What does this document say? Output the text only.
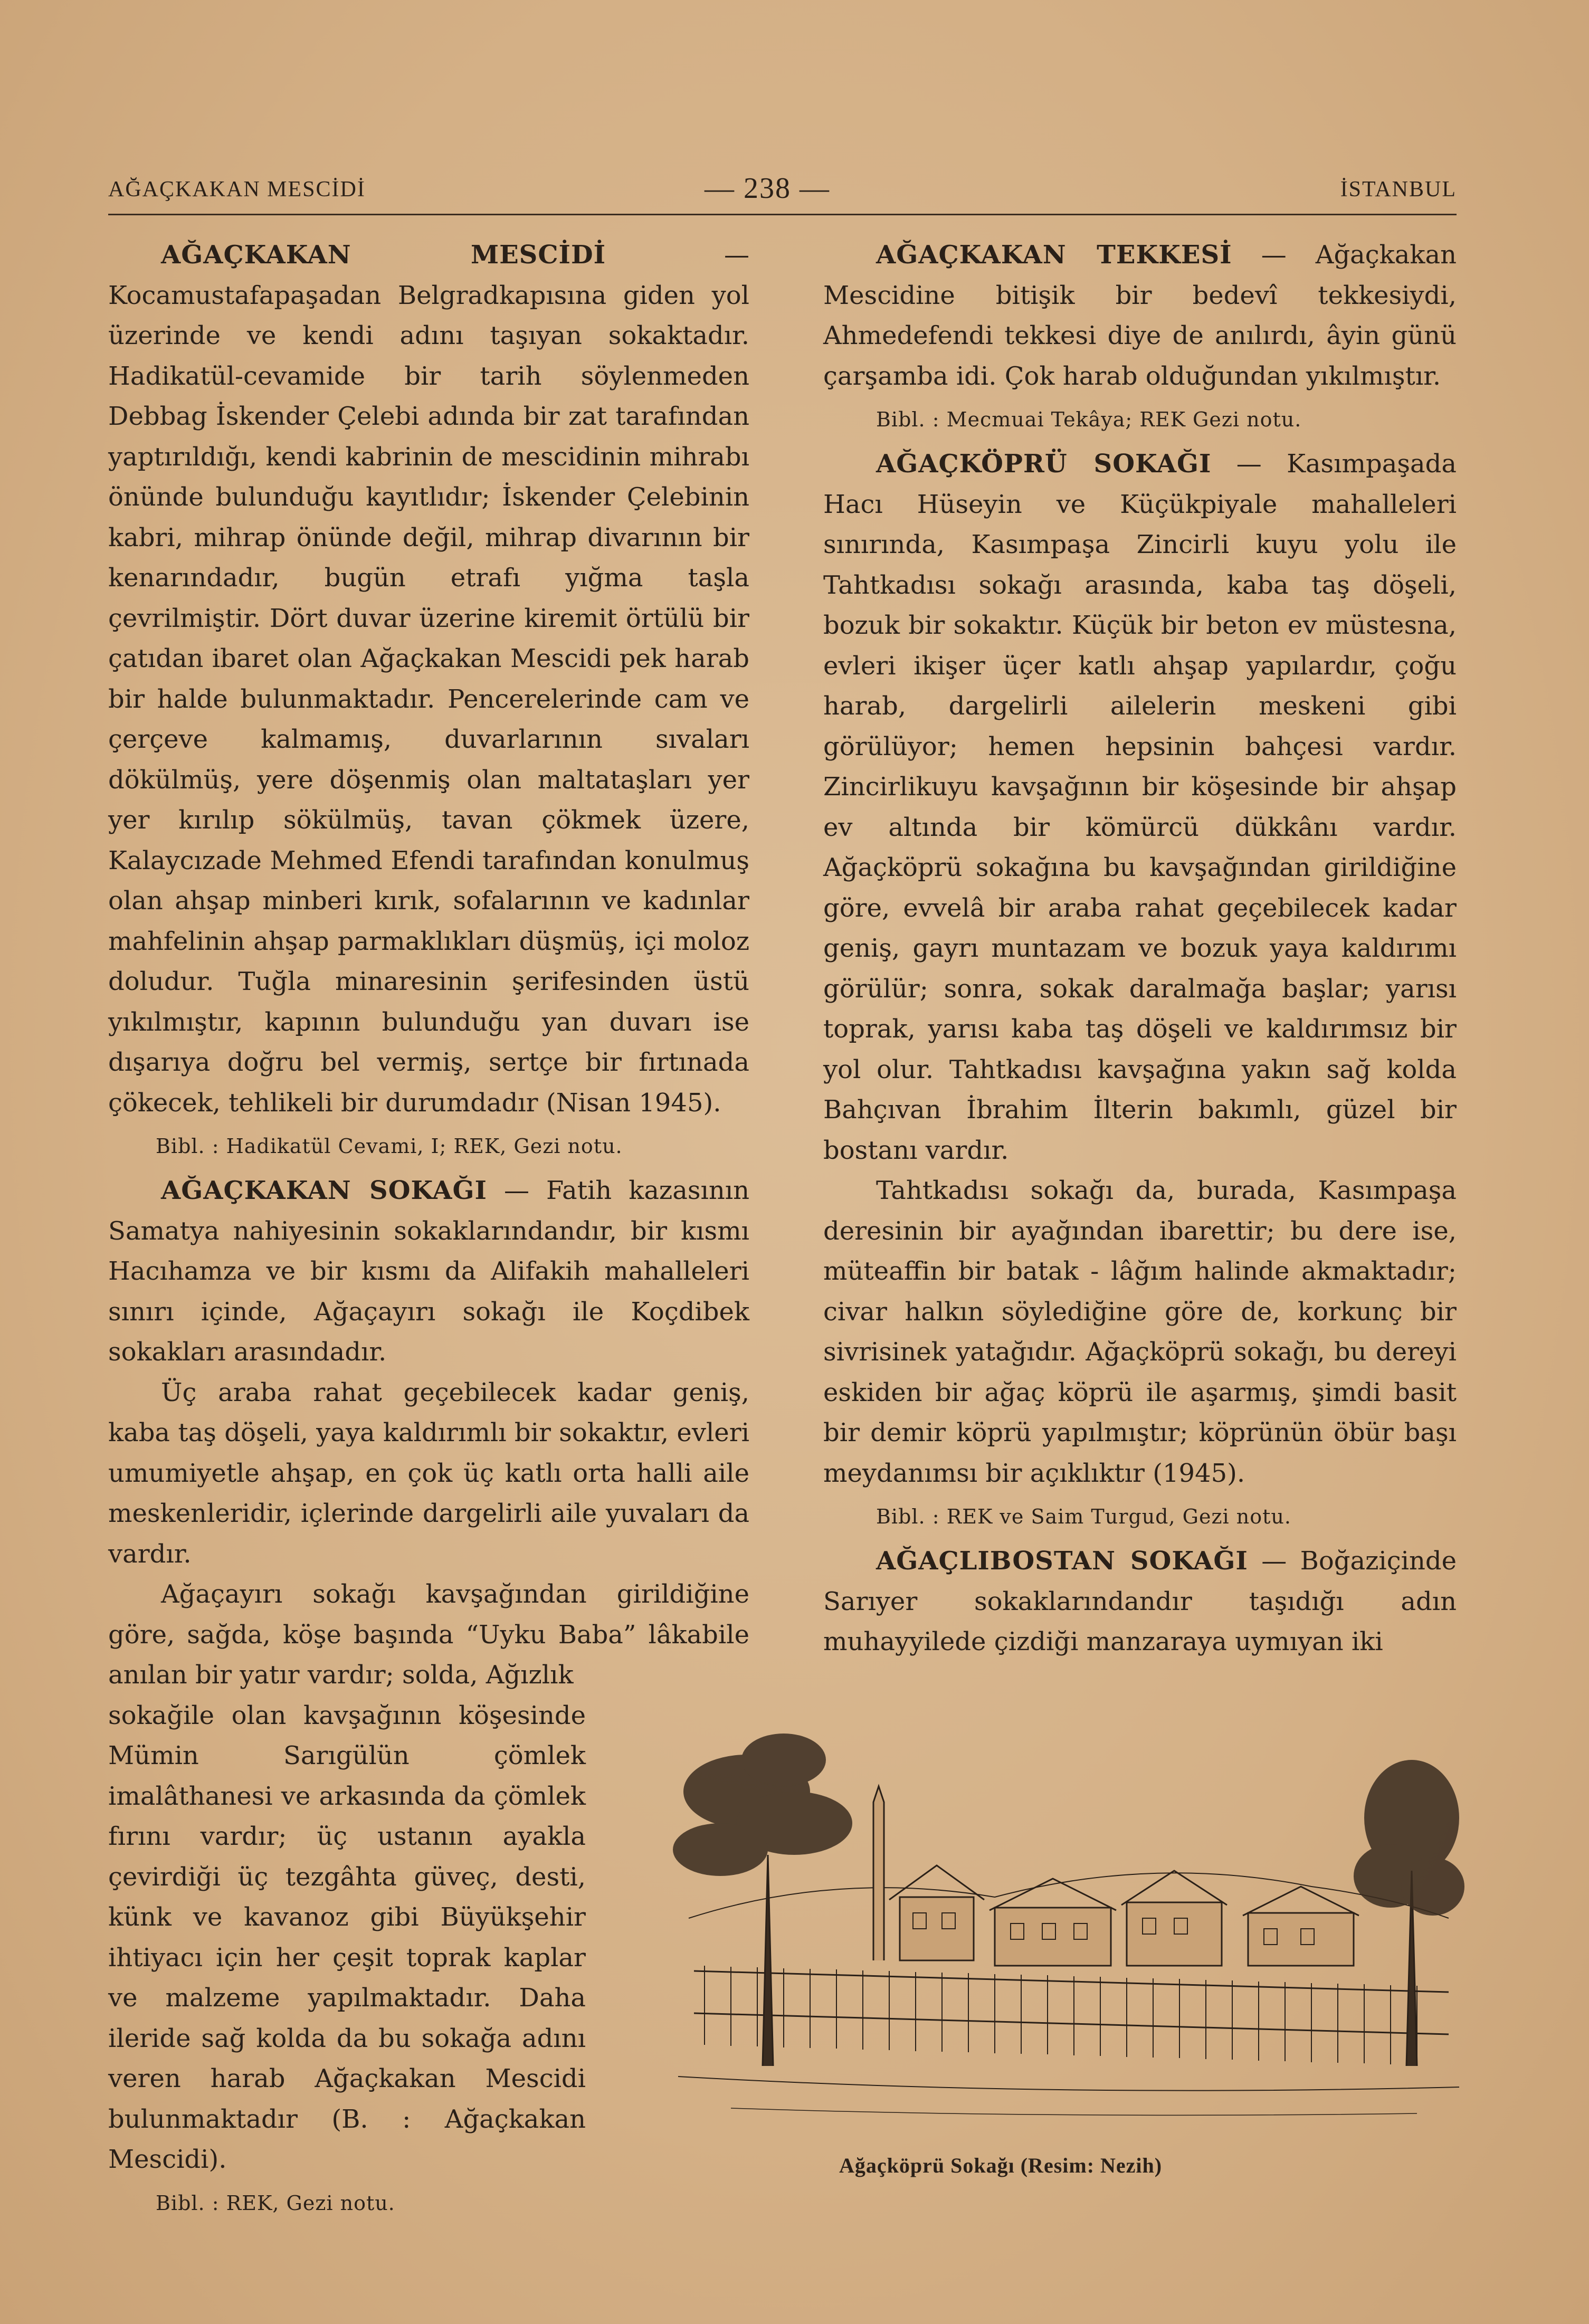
AĞAÇKAKAN MESCİDİ	— 238 —	İSTANBUL

AĞAÇKAKAN MESCİDİ — Kocamustafapaşadan Belgradkapısına giden yol üzerinde ve kendi adını taşıyan sokaktadır. Hadikatül-cevamide bir tarih söylenmeden Debbag İskender Çelebi adında bir zat tarafından yaptırıldığı, kendi kabrinin de mescidinin mihrabı önünde bulunduğu kayıtlıdır; İskender Çelebinin kabri, mihrap önünde değil, mihrap divarının bir kenarındadır, bugün etrafı yığma taşla çevrilmiştir. Dört duvar üzerine kiremit örtülü bir çatıdan ibaret olan Ağaçkakan Mescidi pek harab bir halde bulunmaktadır. Pencerelerinde cam ve çerçeve kalmamış, duvarlarının sıvaları dökülmüş, yere döşenmiş olan maltataşları yer yer kırılıp sökülmüş, tavan çökmek üzere, Kalaycızade Mehmed Efendi tarafından konulmuş olan ahşap minberi kırık, sofalarının ve kadınlar mahfelinin ahşap parmaklıkları düşmüş, içi moloz doludur. Tuğla minaresinin şerifesinden üstü yıkılmıştır, kapının bulunduğu yan duvarı ise dışarıya doğru bel vermiş, sertçe bir fırtınada çökecek, tehlikeli bir durumdadır (Nisan 1945).

Bibl. : Hadikatül Cevami, I; REK, Gezi notu.

AĞAÇKAKAN SOKAĞI — Fatih kazasının Samatya nahiyesinin sokaklarındandır, bir kısmı Hacıhamza ve bir kısmı da Alifakih mahalleleri sınırı içinde, Ağaçayırı sokağı ile Koçdibek sokakları arasındadır.

Üç araba rahat geçebilecek kadar geniş, kaba taş döşeli, yaya kaldırımlı bir sokaktır, evleri umumiyetle ahşap, en çok üç katlı orta halli aile meskenleridir, içlerinde dargelirli aile yuvaları da vardır.

Ağaçayırı sokağı kavşağından girildiğine göre, sağda, köşe başında “Uyku Baba” lâkabile anılan bir yatır vardır; solda, Ağızlık

sokağile olan kavşağının köşesinde Mümin Sarıgülün çömlek imalâthanesi ve arkasında da çömlek fırını vardır; üç ustanın ayakla çevirdiği üç tezgâhta güveç, desti, künk ve kavanoz gibi Büyükşehir ihtiyacı için her çeşit toprak kaplar ve malzeme yapılmaktadır. Daha ileride sağ kolda da bu sokağa adını veren harab Ağaçkakan Mescidi bulunmaktadır (B. : Ağaçkakan Mescidi).

Bibl. : REK, Gezi notu.

AĞAÇKAKAN TEKKESİ — Ağaçkakan Mescidine bitişik bir bedevî tekkesiydi, Ahmedefendi tekkesi diye de anılırdı, âyin günü çarşamba idi. Çok harab olduğundan yıkılmıştır.

Bibl. : Mecmuai Tekâya; REK Gezi notu.

AĞAÇKÖPRÜ SOKAĞI — Kasımpaşada Hacı Hüseyin ve Küçükpiyale mahalleleri sınırında, Kasımpaşa Zincirli kuyu yolu ile Tahtkadısı sokağı arasında, kaba taş döşeli, bozuk bir sokaktır. Küçük bir beton ev müstesna, evleri ikişer üçer katlı ahşap yapılardır, çoğu harab, dargelirli ailelerin meskeni gibi görülüyor; hemen hepsinin bahçesi vardır. Zincirlikuyu kavşağının bir köşesinde bir ahşap ev altında bir kömürcü dükkânı vardır. Ağaçköprü sokağına bu kavşağından girildiğine göre, evvelâ bir araba rahat geçebilecek kadar geniş, gayrı muntazam ve bozuk yaya kaldırımı görülür; sonra, sokak daralmağa başlar; yarısı toprak, yarısı kaba taş döşeli ve kaldırımsız bir yol olur. Tahtkadısı kavşağına yakın sağ kolda Bahçıvan İbrahim İlterin bakımlı, güzel bir bostanı vardır.

Tahtkadısı sokağı da, burada, Kasımpaşa deresinin bir ayağından ibarettir; bu dere ise, müteaffin bir batak - lâğım halinde akmaktadır; civar halkın söylediğine göre de, korkunç bir sivrisinek yatağıdır. Ağaçköprü sokağı, bu dereyi eskiden bir ağaç köprü ile aşarmış, şimdi basit bir demir köprü yapılmıştır; köprünün öbür başı meydanımsı bir açıklıktır (1945).

Bibl. : REK ve Saim Turgud, Gezi notu.

AĞAÇLIBOSTAN SOKAĞI — Boğaziçinde Sarıyer sokaklarındandır taşıdığı adın muhayyilede çizdiği manzaraya uymıyan iki

Ağaçköprü Sokağı (Resim: Nezih)
